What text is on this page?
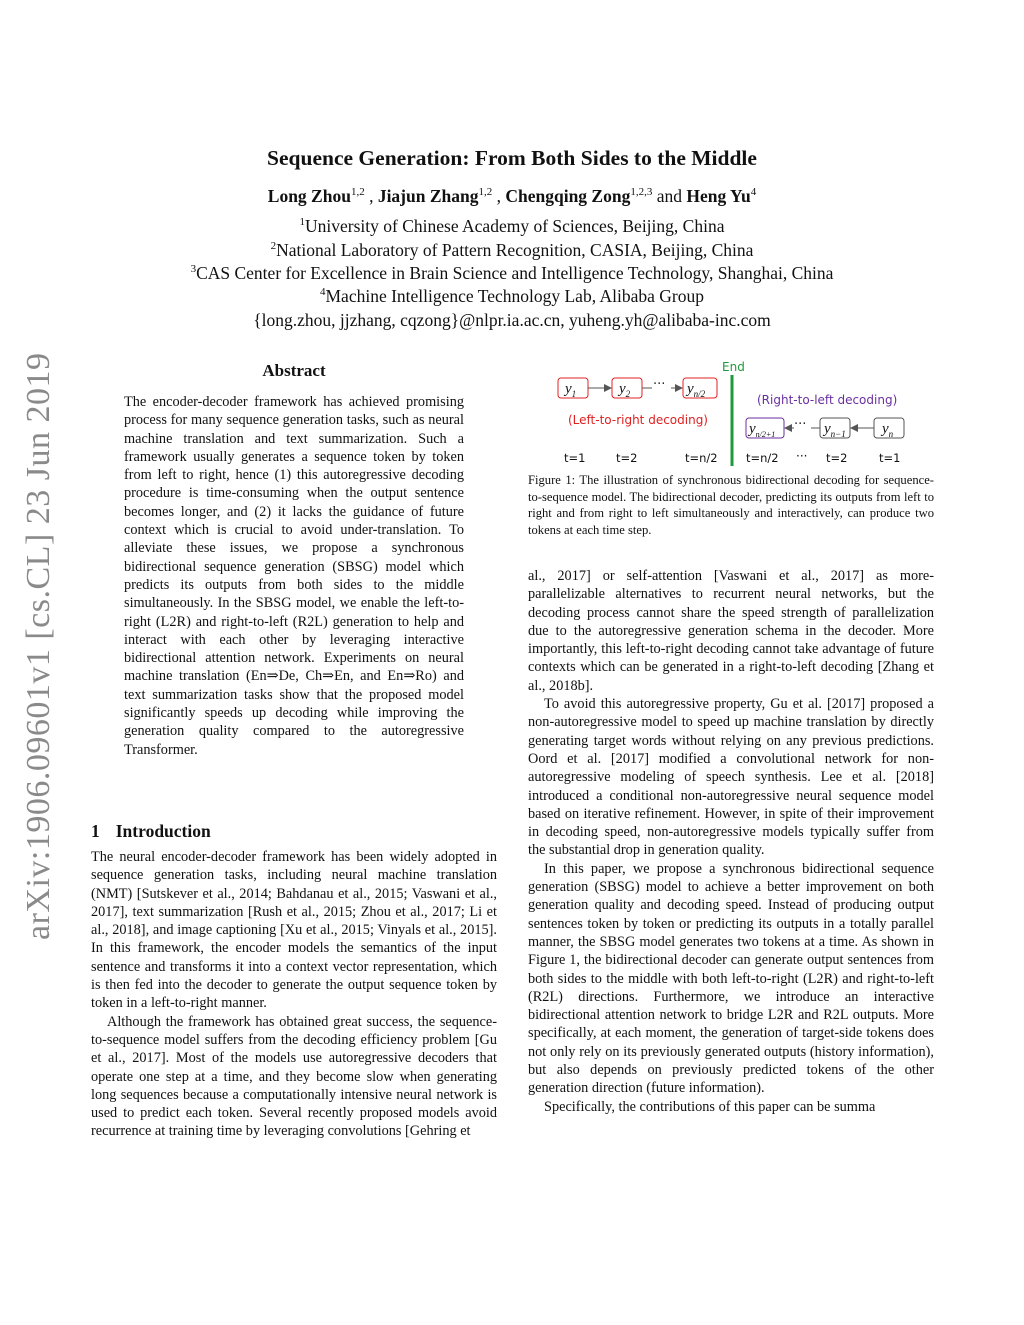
arXiv:1906.09601v1 [cs.CL] 23 Jun 2019
Sequence Generation: From Both Sides to the Middle
Long Zhou$^{1,2}$ , Jiajun Zhang$^{1,2}$ , Chengqing Zong$^{1,2,3}$ and Heng Yu$^4$
$^1$University of Chinese Academy of Sciences, Beijing, China
$^2$National Laboratory of Pattern Recognition, CASIA, Beijing, China
$^3$CAS Center for Excellence in Brain Science and Intelligence Technology, Shanghai, China
$^4$Machine Intelligence Technology Lab, Alibaba Group
{long.zhou, jjzhang, cqzong}@nlpr.ia.ac.cn, yuheng.yh@alibaba-inc.com
Abstract

The encoder-decoder framework has achieved promising process for many sequence generation tasks, such as neural machine translation and text summarization. Such a framework usually generates a sequence token by token from left to right, hence (1) this autoregressive decoding procedure is time-consuming when the output sentence becomes longer, and (2) it lacks the guidance of future context which is crucial to avoid under-translation. To alleviate these issues, we propose a synchronous bidirectional sequence generation (SBSG) model which predicts its outputs from both sides to the middle simultaneously. In the SBSG model, we enable the left-to-right (L2R) and right-to-left (R2L) generation to help and interact with each other by leveraging interactive bidirectional attention network. Experiments on neural machine translation (En⇒De, Ch⇒En, and En⇒Ro) and text summarization tasks show that the proposed model significantly speeds up decoding while improving the generation quality compared to the autoregressive Transformer.

1 Introduction

The neural encoder-decoder framework has been widely adopted in sequence generation tasks, including neural machine translation (NMT) [Sutskever et al., 2014; Bahdanau et al., 2015; Vaswani et al., 2017], text summarization [Rush et al., 2015; Zhou et al., 2017; Li et al., 2018], and image captioning [Xu et al., 2015; Vinyals et al., 2015]. In this framework, the encoder models the semantics of the input sentence and transforms it into a context vector representation, which is then fed into the decoder to generate the output sequence token by token in a left-to-right manner.

Although the framework has obtained great success, the sequence-to-sequence model suffers from the decoding efficiency problem [Gu et al., 2017]. Most of the models use autoregressive decoders that operate one step at a time, and they become slow when generating long sequences because a computationally intensive neural network is used to predict each token. Several recently proposed models avoid recurrence at training time by leveraging convolutions [Gehring et

End
$y_1$	$y_2$	$y_{n/2}$
···
(Left-to-right decoding)
(Right-to-left decoding)
$y_{n/2+1}$	$y_{n-1}$ $y_n$
···
t=1	t=2	t=n/2 t=n/2 ··· t=2	t=1
Figure 1: The illustration of synchronous bidirectional decoding for sequence-to-sequence model. The bidirectional decoder, predicting its outputs from left to right and from right to left simultaneously and interactively, can produce two tokens at each time step.

al., 2017] or self-attention [Vaswani et al., 2017] as more-parallelizable alternatives to recurrent neural networks, but the decoding process cannot share the speed strength of parallelization due to the autoregressive generation schema in the decoder. More importantly, this left-to-right decoding cannot take advantage of future contexts which can be generated in a right-to-left decoding [Zhang et al., 2018b].

To avoid this autoregressive property, Gu et al. [2017] proposed a non-autoregressive model to speed up machine translation by directly generating target words without relying on any previous predictions. Oord et al. [2017] modified a convolutional network for non-autoregressive modeling of speech synthesis. Lee et al. [2018] introduced a conditional non-autoregressive neural sequence model based on iterative refinement. However, in spite of their improvement in decoding speed, non-autoregressive models typically suffer from the substantial drop in generation quality.

In this paper, we propose a synchronous bidirectional sequence generation (SBSG) model to achieve a better improvement on both generation quality and decoding speed. Instead of producing output sentences token by token or predicting its outputs in a totally parallel manner, the SBSG model generates two tokens at a time. As shown in Figure 1, the bidirectional decoder can generate output sentences from both sides to the middle with both left-to-right (L2R) and right-to-left (R2L) directions. Furthermore, we introduce an interactive bidirectional attention network to bridge L2R and R2L outputs. More specifically, at each moment, the generation of target-side tokens does not only rely on its previously generated outputs (history information), but also depends on previously predicted tokens of the other generation direction (future information).

Specifically, the contributions of this paper can be summa
